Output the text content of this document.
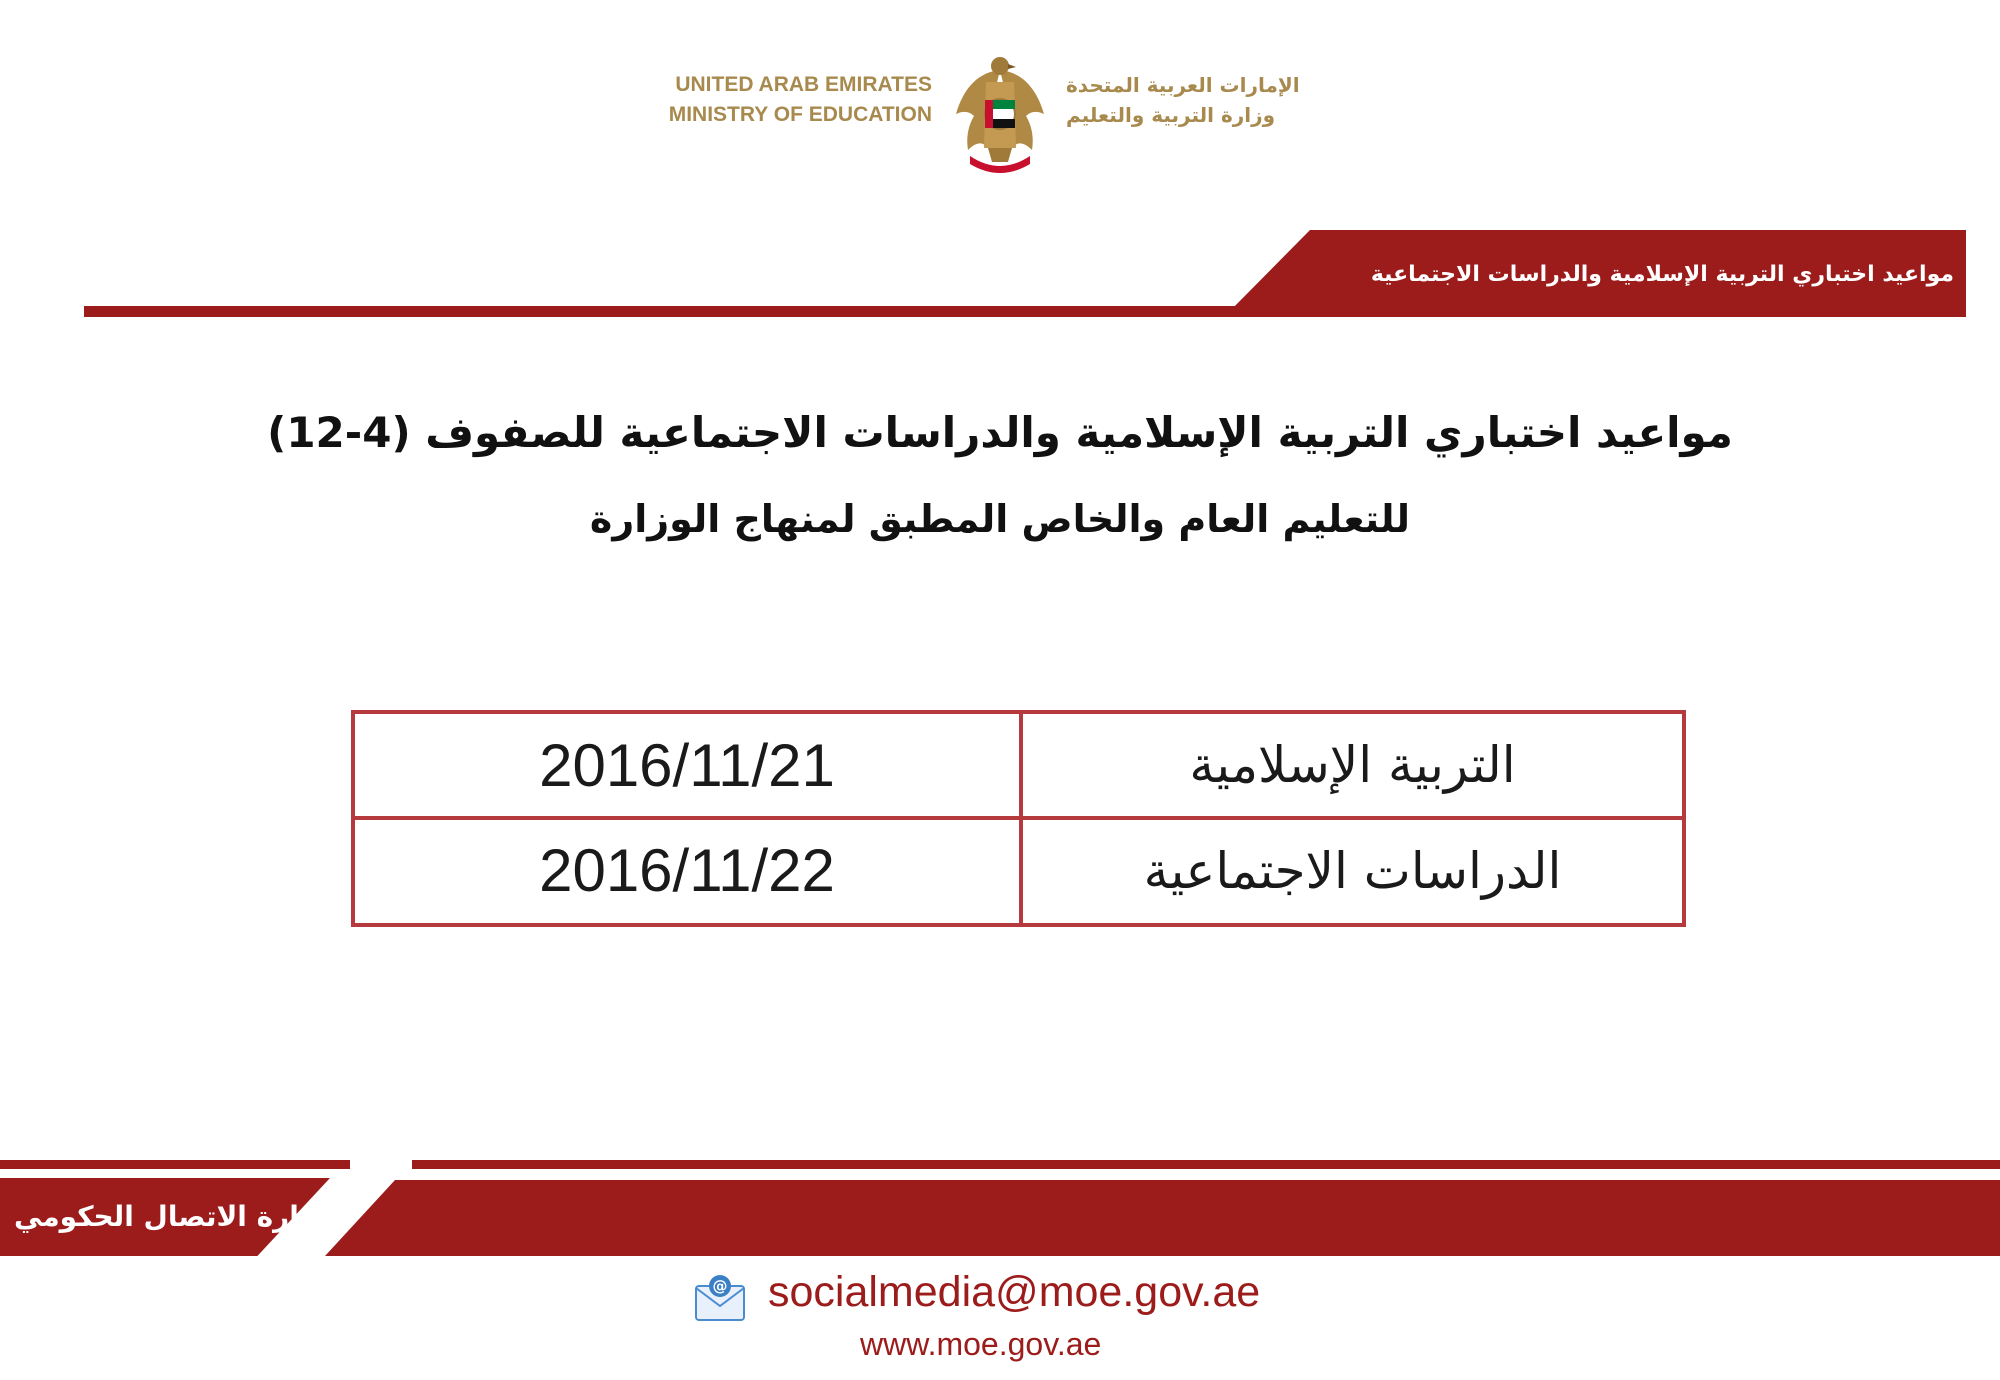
UNITED ARAB EMIRATES
MINISTRY OF EDUCATION
الإمارات العربية المتحدة
وزارة التربية والتعليم
مواعيد اختباري التربية الإسلامية والدراسات الاجتماعية
مواعيد اختباري التربية الإسلامية والدراسات الاجتماعية للصفوف (4-12)
للتعليم العام والخاص المطبق لمنهاج الوزارة
2016/11/21	التربية الإسلامية
2016/11/22	الدراسات الاجتماعية
إدارة الاتصال الحكومي
@ socialmedia@moe.gov.ae
www.moe.gov.ae
